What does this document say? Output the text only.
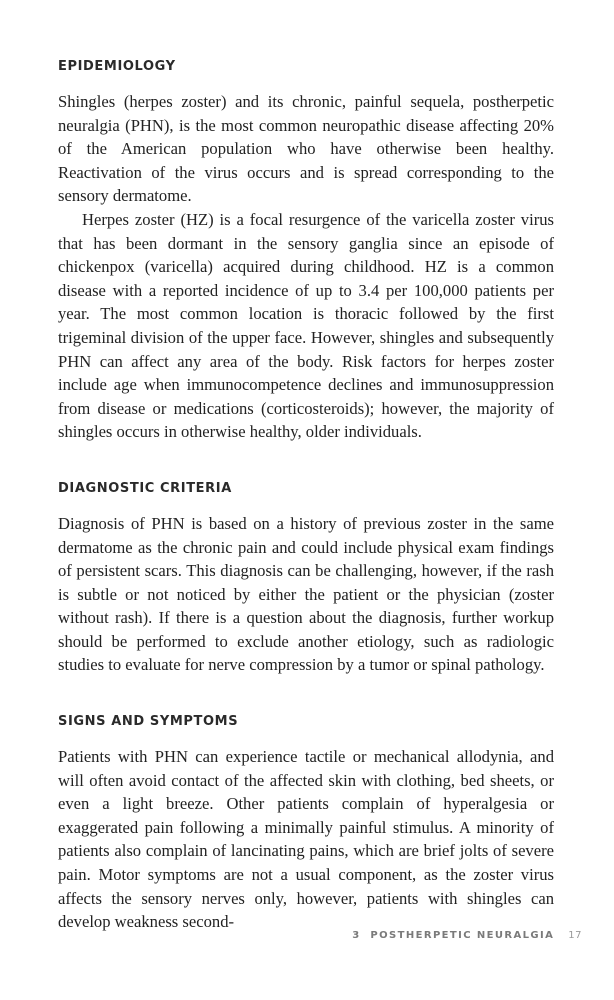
EPIDEMIOLOGY

Shingles (herpes zoster) and its chronic, painful sequela, postherpetic neuralgia (PHN), is the most common neuropathic disease affecting 20% of the American population who have otherwise been healthy. Reactivation of the virus occurs and is spread corresponding to the sensory dermatome.

Herpes zoster (HZ) is a focal resurgence of the varicella zoster virus that has been dormant in the sensory ganglia since an episode of chickenpox (varicella) acquired during childhood. HZ is a common disease with a reported incidence of up to 3.4 per 100,000 patients per year. The most common location is thoracic followed by the first trigeminal division of the upper face. However, shingles and subsequently PHN can affect any area of the body. Risk factors for herpes zoster include age when immunocompetence declines and immunosuppression from disease or medications (corticosteroids); however, the majority of shingles occurs in otherwise healthy, older individuals.

DIAGNOSTIC CRITERIA

Diagnosis of PHN is based on a history of previous zoster in the same dermatome as the chronic pain and could include physical exam findings of persistent scars. This diagnosis can be challenging, however, if the rash is subtle or not noticed by either the patient or the physician (zoster without rash). If there is a question about the diagnosis, further workup should be performed to exclude another etiology, such as radiologic studies to evaluate for nerve compression by a tumor or spinal pathology.

SIGNS AND SYMPTOMS

Patients with PHN can experience tactile or mechanical allodynia, and will often avoid contact of the affected skin with clothing, bed sheets, or even a light breeze. Other patients complain of hyperalgesia or exaggerated pain following a minimally painful stimulus. A minority of patients also complain of lancinating pains, which are brief jolts of severe pain. Motor symptoms are not a usual component, as the zoster virus affects the sensory nerves only, however, patients with shingles can develop weakness second-

3  POSTHERPETIC NEURALGIA 17
